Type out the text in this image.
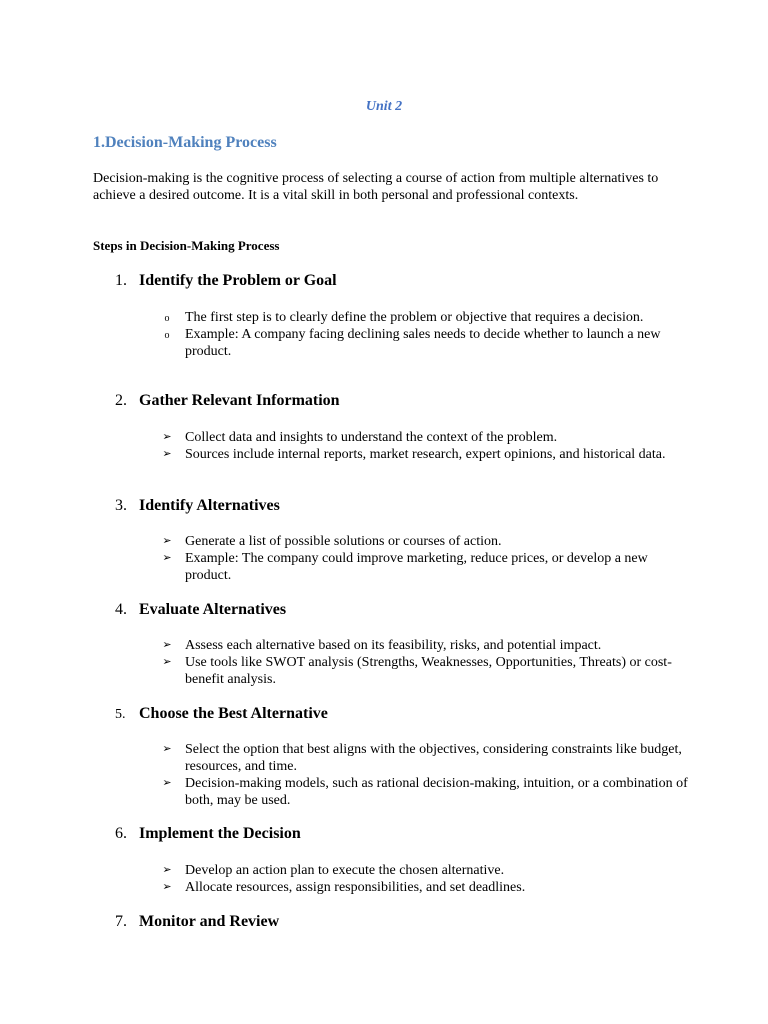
Unit 2
1.Decision-Making Process
Decision-making is the cognitive process of selecting a course of action from multiple alternatives to achieve a desired outcome. It is a vital skill in both personal and professional contexts.
Steps in Decision-Making Process
1. Identify the Problem or Goal
o	The first step is to clearly define the problem or objective that requires a decision.
o	Example: A company facing declining sales needs to decide whether to launch a new product.
2. Gather Relevant Information
➢ Collect data and insights to understand the context of the problem.
➢ Sources include internal reports, market research, expert opinions, and historical data.
3. Identify Alternatives
➢ Generate a list of possible solutions or courses of action.
➢ Example: The company could improve marketing, reduce prices, or develop a new product.
4. Evaluate Alternatives
➢ Assess each alternative based on its feasibility, risks, and potential impact.
➢ Use tools like SWOT analysis (Strengths, Weaknesses, Opportunities, Threats) or cost-benefit analysis.
5. Choose the Best Alternative
➢ Select the option that best aligns with the objectives, considering constraints like budget, resources, and time.
➢ Decision-making models, such as rational decision-making, intuition, or a combination of both, may be used.
6. Implement the Decision
➢ Develop an action plan to execute the chosen alternative.
➢ Allocate resources, assign responsibilities, and set deadlines.
7. Monitor and Review
